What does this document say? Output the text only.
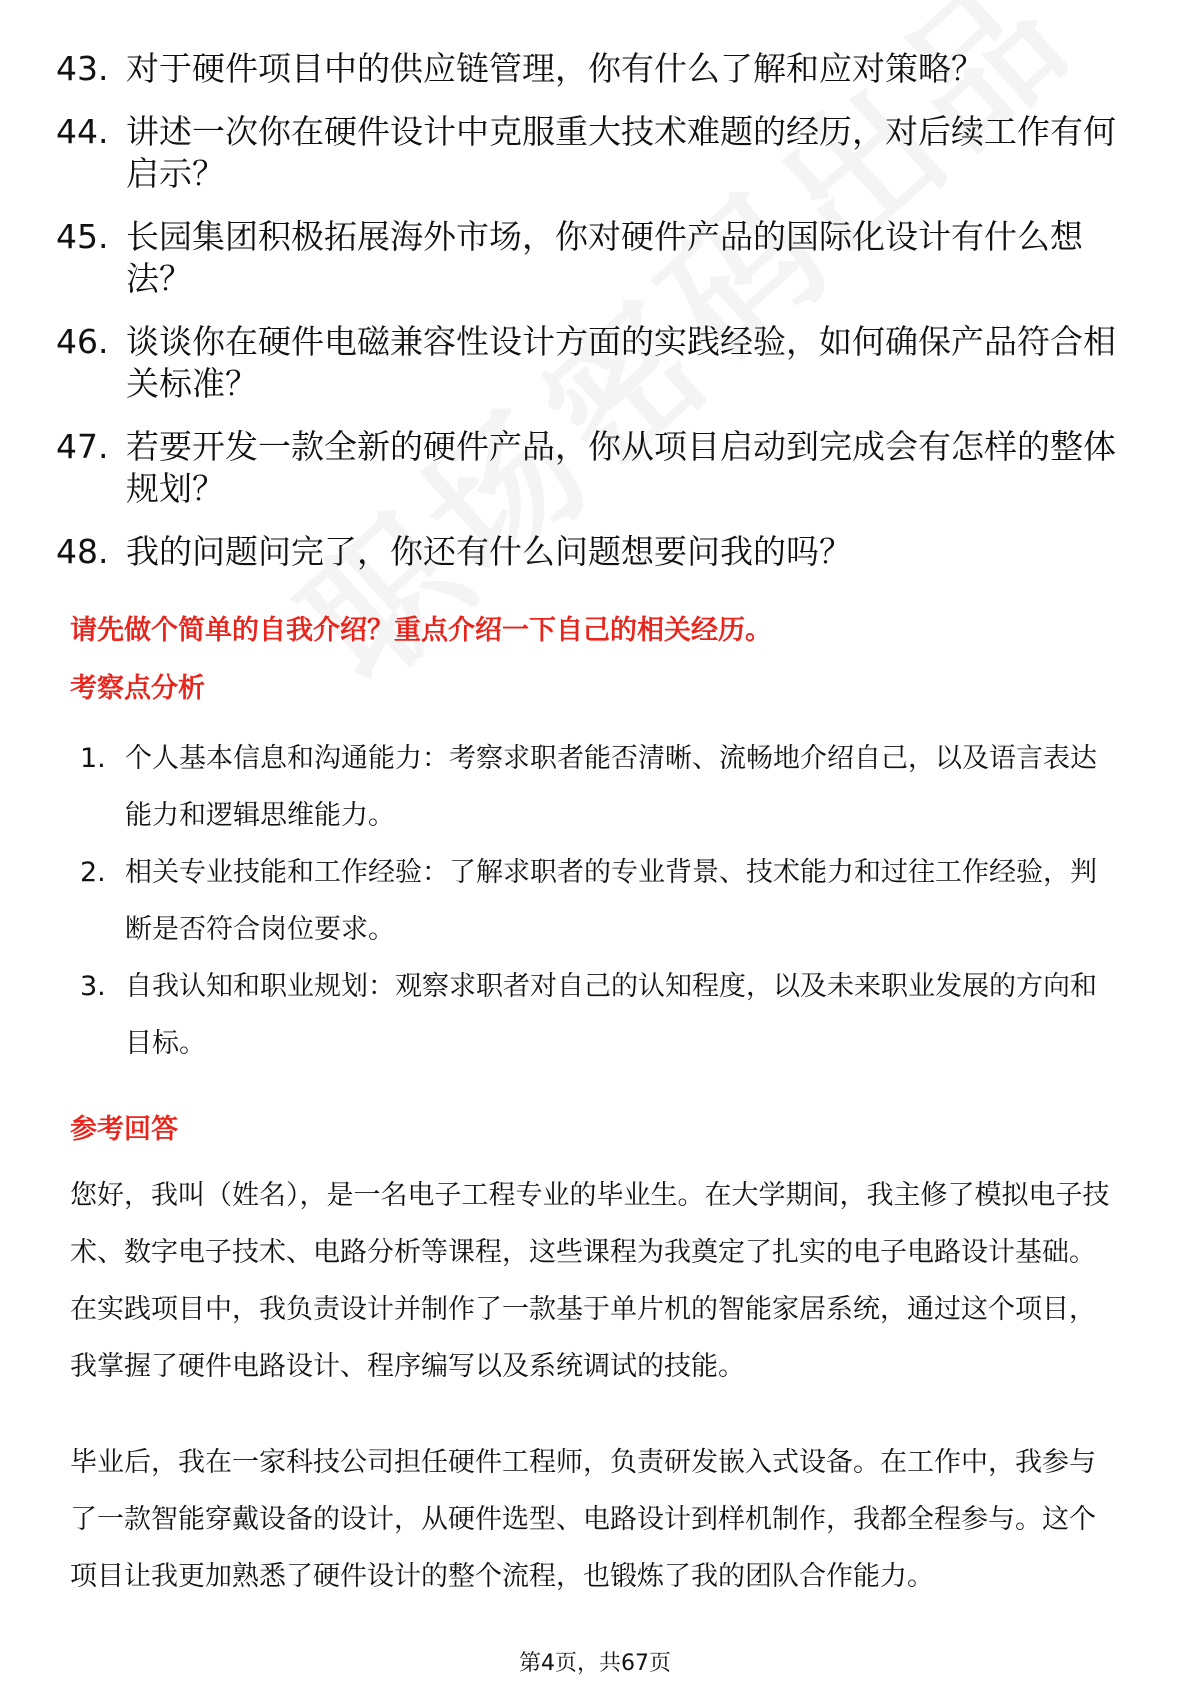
43. 对于硬件项目中的供应链管理，你有什么了解和应对策略？
44. 讲述一次你在硬件设计中克服重大技术难题的经历，对后续工作有何启示？
45. 长园集团积极拓展海外市场，你对硬件产品的国际化设计有什么想法？
46. 谈谈你在硬件电磁兼容性设计方面的实践经验，如何确保产品符合相关标准？
47. 若要开发一款全新的硬件产品，你从项目启动到完成会有怎样的整体规划？
48. 我的问题问完了，你还有什么问题想要问我的吗？
请先做个简单的自我介绍？重点介绍一下自己的相关经历。
考察点分析
1. 个人基本信息和沟通能力：考察求职者能否清晰、流畅地介绍自己，以及语言表达能力和逻辑思维能力。
2. 相关专业技能和工作经验：了解求职者的专业背景、技术能力和过往工作经验，判断是否符合岗位要求。
3. 自我认知和职业规划：观察求职者对自己的认知程度，以及未来职业发展的方向和目标。
参考回答

您好，我叫（姓名），是一名电子工程专业的毕业生。在大学期间，我主修了模拟电子技术、数字电子技术、电路分析等课程，这些课程为我奠定了扎实的电子电路设计基础。在实践项目中，我负责设计并制作了一款基于单片机的智能家居系统，通过这个项目，我掌握了硬件电路设计、程序编写以及系统调试的技能。

毕业后，我在一家科技公司担任硬件工程师，负责研发嵌入式设备。在工作中，我参与了一款智能穿戴设备的设计，从硬件选型、电路设计到样机制作，我都全程参与。这个项目让我更加熟悉了硬件设计的整个流程，也锻炼了我的团队合作能力。

第4页，共67页
